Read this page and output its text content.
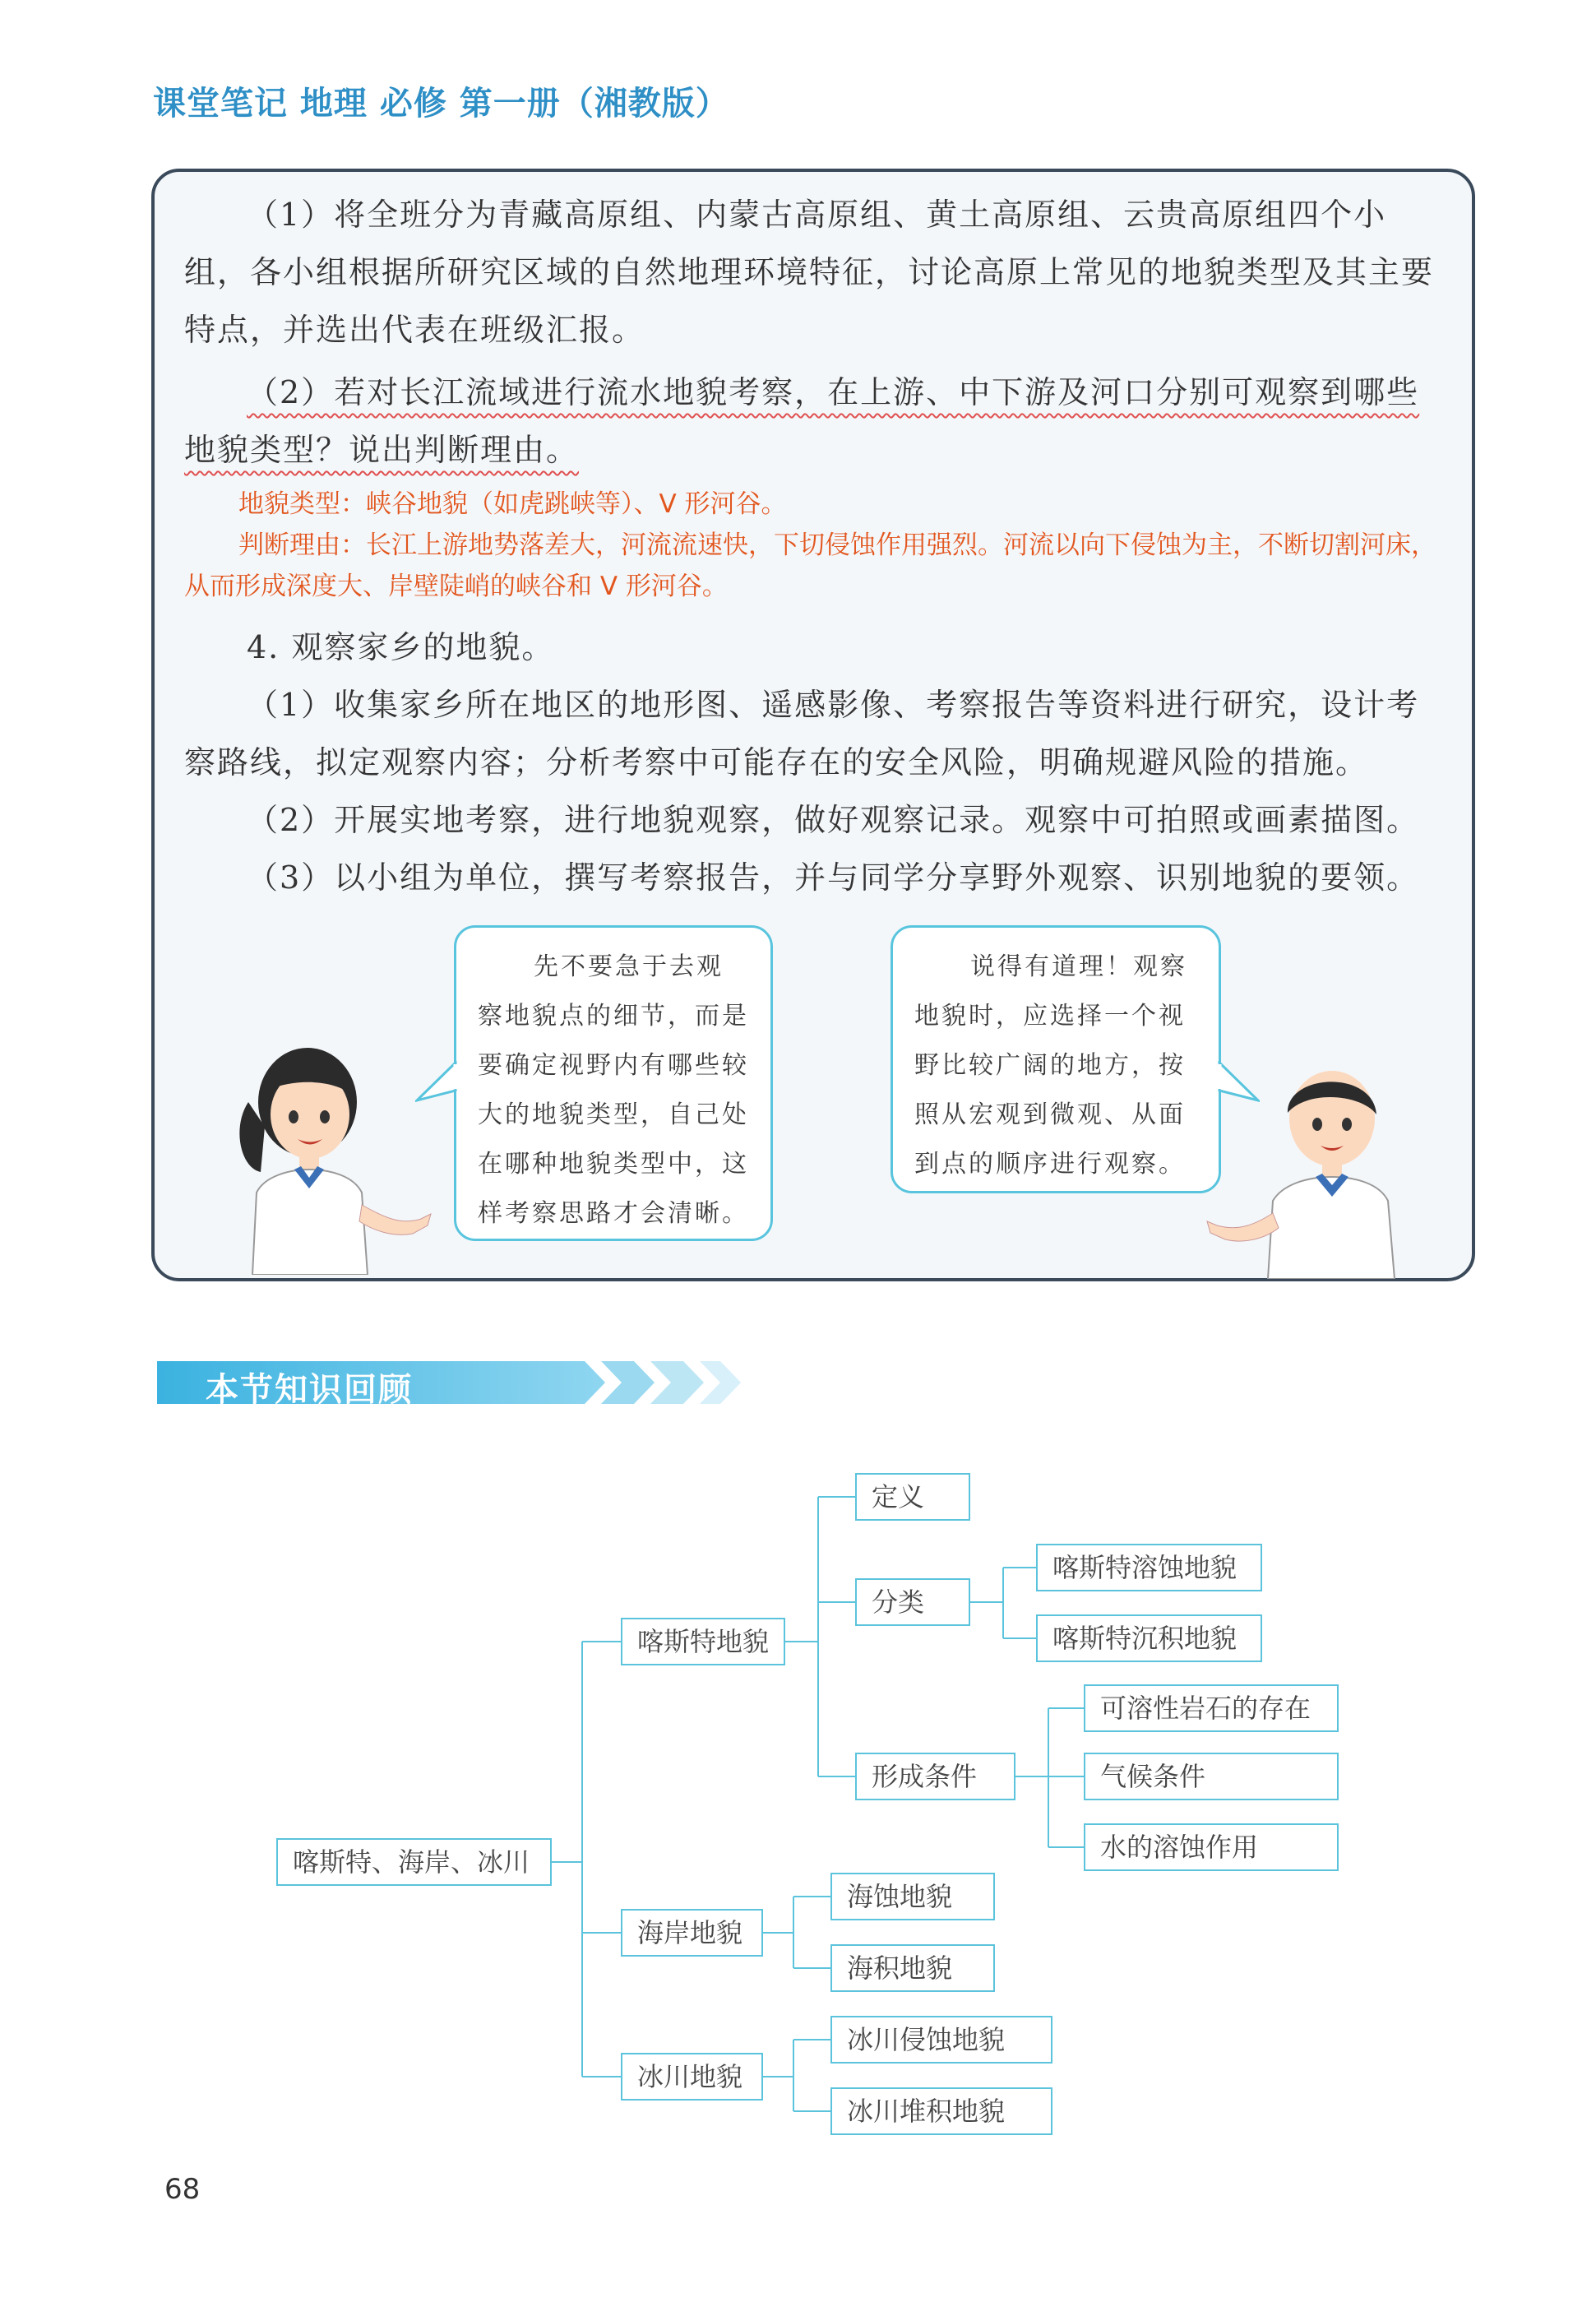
课堂笔记 地理 必修 第一册（湘教版）
（1）将全班分为青藏高原组、内蒙古高原组、黄土高原组、云贵高原组四个小组，各小组根据所研究区域的自然地理环境特征，讨论高原上常见的地貌类型及其主要特点，并选出代表在班级汇报。
（2）若对长江流域进行流水地貌考察，在上游、中下游及河口分别可观察到哪些
地貌类型？说出判断理由。
地貌类型：峡谷地貌（如虎跳峡等）、V 形河谷。
判断理由：长江上游地势落差大，河流流速快，下切侵蚀作用强烈。河流以向下侵蚀为主，不断切割河床，从而形成深度大、岸壁陡峭的峡谷和 V 形河谷。
4. 观察家乡的地貌。
（1）收集家乡所在地区的地形图、遥感影像、考察报告等资料进行研究，设计考察路线，拟定观察内容；分析考察中可能存在的安全风险，明确规避风险的措施。
（2）开展实地考察，进行地貌观察，做好观察记录。观察中可拍照或画素描图。
（3）以小组为单位，撰写考察报告，并与同学分享野外观察、识别地貌的要领。
先不要急于去观察地貌点的细节，而是要确定视野内有哪些较大的地貌类型，自己处在哪种地貌类型中，这样考察思路才会清晰。
说得有道理！观察地貌时，应选择一个视野比较广阔的地方，按照从宏观到微观、从面到点的顺序进行观察。
本节知识回顾
喀斯特、海岸、冰川
喀斯特地貌
定义
分类
喀斯特溶蚀地貌
喀斯特沉积地貌
形成条件
可溶性岩石的存在
气候条件
水的溶蚀作用
海岸地貌
海蚀地貌
海积地貌
冰川地貌
冰川侵蚀地貌
冰川堆积地貌
68
